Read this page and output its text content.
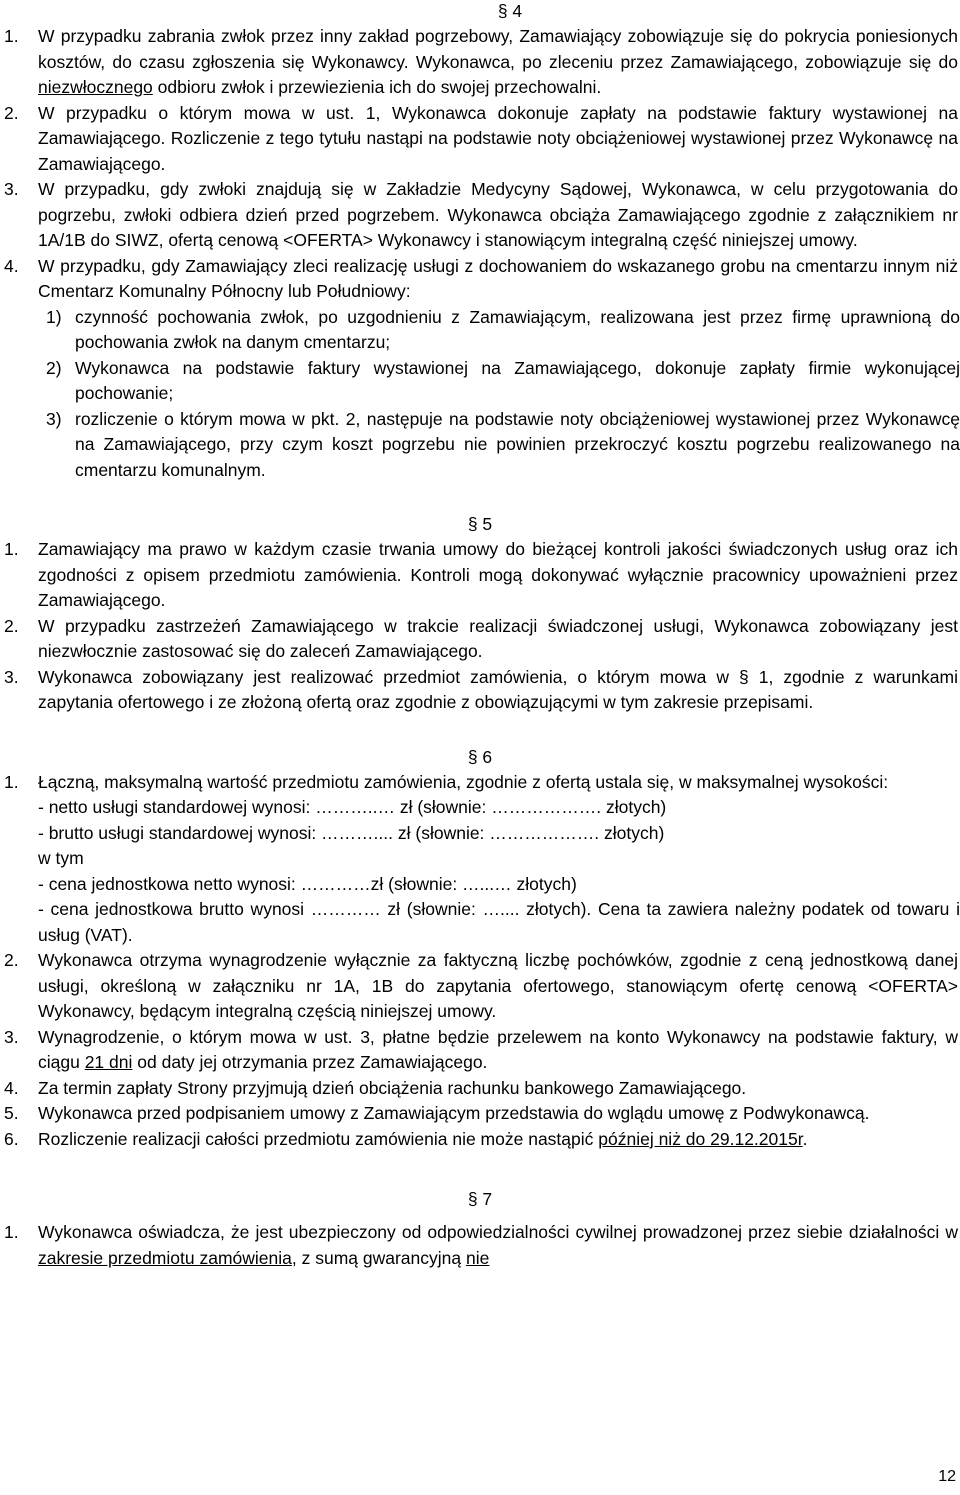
§ 4
1. W przypadku zabrania zwłok przez inny zakład pogrzebowy, Zamawiający zobowiązuje się do pokrycia poniesionych kosztów, do czasu zgłoszenia się Wykonawcy. Wykonawca, po zleceniu przez Zamawiającego, zobowiązuje się do niezwłocznego odbioru zwłok i przewiezienia ich do swojej przechowalni.
2. W przypadku o którym mowa w ust. 1, Wykonawca dokonuje zapłaty na podstawie faktury wystawionej na Zamawiającego. Rozliczenie z tego tytułu nastąpi na podstawie noty obciążeniowej wystawionej przez Wykonawcę na Zamawiającego.
3. W przypadku, gdy zwłoki znajdują się w Zakładzie Medycyny Sądowej, Wykonawca, w celu przygotowania do pogrzebu, zwłoki odbiera dzień przed pogrzebem. Wykonawca obciąża Zamawiającego zgodnie z załącznikiem nr 1A/1B do SIWZ, ofertą cenową <OFERTA> Wykonawcy i stanowiącym integralną część niniejszej umowy.
4. W przypadku, gdy Zamawiający zleci realizację usługi z dochowaniem do wskazanego grobu na cmentarzu innym niż Cmentarz Komunalny Północny lub Południowy:
1) czynność pochowania zwłok, po uzgodnieniu z Zamawiającym, realizowana jest przez firmę uprawnioną do pochowania zwłok na danym cmentarzu;
2) Wykonawca na podstawie faktury wystawionej na Zamawiającego, dokonuje zapłaty firmie wykonującej pochowanie;
3) rozliczenie o którym mowa w pkt. 2, następuje na podstawie noty obciążeniowej wystawionej przez Wykonawcę na Zamawiającego, przy czym koszt pogrzebu nie powinien przekroczyć kosztu pogrzebu realizowanego na cmentarzu komunalnym.
§ 5
1. Zamawiający ma prawo w każdym czasie trwania umowy do bieżącej kontroli jakości świadczonych usług oraz ich zgodności z opisem przedmiotu zamówienia. Kontroli mogą dokonywać wyłącznie pracownicy upoważnieni przez Zamawiającego.
2. W przypadku zastrzeżeń Zamawiającego w trakcie realizacji świadczonej usługi, Wykonawca zobowiązany jest niezwłocznie zastosować się do zaleceń Zamawiającego.
3. Wykonawca zobowiązany jest realizować przedmiot zamówienia, o którym mowa w § 1, zgodnie z warunkami zapytania ofertowego i ze złożoną ofertą oraz zgodnie z obowiązującymi w tym zakresie przepisami.
§ 6
1. Łączną, maksymalną wartość przedmiotu zamówienia, zgodnie z ofertą ustala się, w maksymalnej wysokości:
- netto usługi standardowej wynosi: ………..… zł (słownie: ………………. złotych)
- brutto usługi standardowej wynosi: ……….... zł (słownie: ………………. złotych)
w tym
- cena jednostkowa netto wynosi: …………zł (słownie: …...… złotych)
- cena jednostkowa brutto wynosi ………… zł (słownie: ….... złotych). Cena ta zawiera należny podatek od towaru i usług (VAT).
2. Wykonawca otrzyma wynagrodzenie wyłącznie za faktyczną liczbę pochówków, zgodnie z ceną jednostkową danej usługi, określoną w załączniku nr 1A, 1B do zapytania ofertowego, stanowiącym ofertę cenową <OFERTA> Wykonawcy, będącym integralną częścią niniejszej umowy.
3. Wynagrodzenie, o którym mowa w ust. 3, płatne będzie przelewem na konto Wykonawcy na podstawie faktury, w ciągu 21 dni od daty jej otrzymania przez Zamawiającego.
4. Za termin zapłaty Strony przyjmują dzień obciążenia rachunku bankowego Zamawiającego.
5. Wykonawca przed podpisaniem umowy z Zamawiającym przedstawia do wglądu umowę z Podwykonawcą.
6. Rozliczenie realizacji całości przedmiotu zamówienia nie może nastąpić później niż do 29.12.2015r.
§ 7
1. Wykonawca oświadcza, że jest ubezpieczony od odpowiedzialności cywilnej prowadzonej przez siebie działalności w zakresie przedmiotu zamówienia, z sumą gwarancyjną nie
12
